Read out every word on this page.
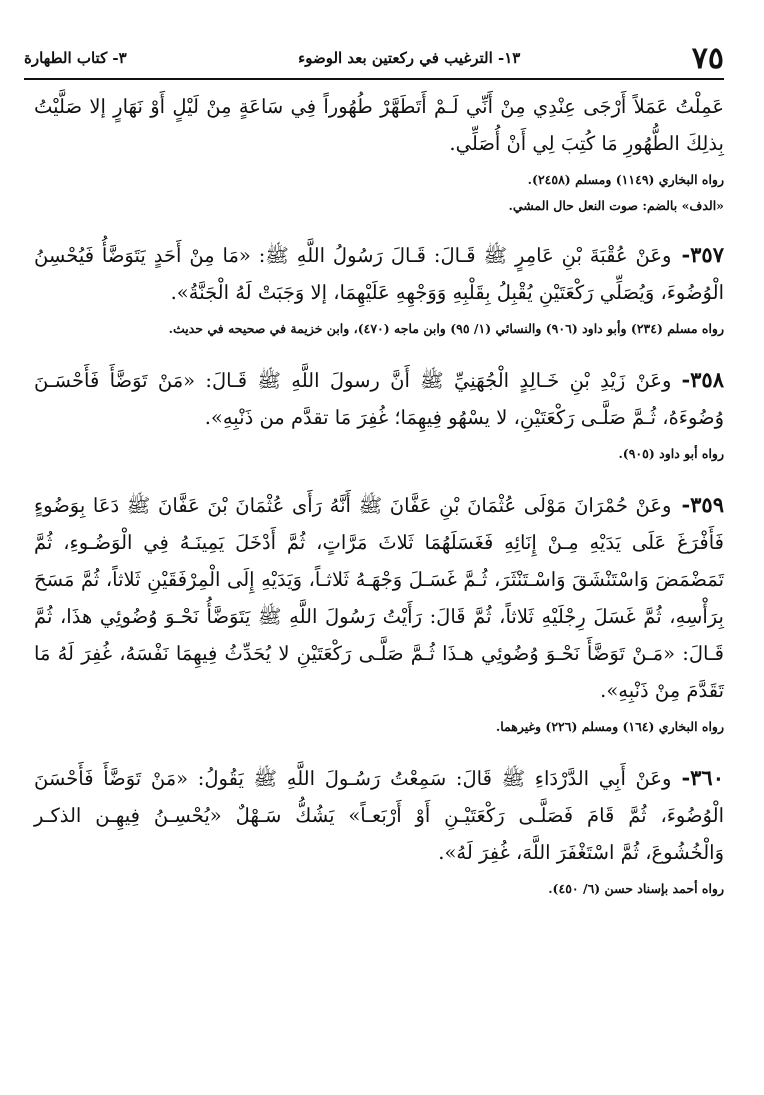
٧٥
١٣- الترغيب في ركعتين بعد الوضوء
٣- كتاب الطهارة

عَمِلْتُ عَمَلاً أَرْجَى عِنْدِي مِنْ أَنِّي لَـمْ أَتَطَهَّرْ طُهُوراً فِي سَاعَةٍ مِنْ لَيْلٍ أَوْ نَهَارٍ إلا صَلَّيْتُ بِذلِكَ الطُّهُورِ مَا كُتِبَ لِي أَنْ أُصَلِّي.

رواه البخاري (١١٤٩) ومسلم (٢٤٥٨).

«الدف» بالضم: صوت النعل حال المشي.

٣٥٧-وعَنْ عُقْبَةَ بْنِ عَامِرٍ ﷺ قَـالَ: قَـالَ رَسُولُ اللَّهِ ﷺ: «مَا مِنْ أَحَدٍ يَتَوَضَّأُ فَيُحْسِنُ الْوُضُوءَ، وَيُصَلِّي رَكْعَتَيْنِ يُقْبِلُ بِقَلْبِهِ وَوَجْهِهِ عَلَيْهِمَا، إلا وَجَبَتْ لَهُ الْجَنَّةُ».

رواه مسلم (٢٣٤) وأبو داود (٩٠٦) والنسائي (١/ ٩٥) وابن ماجه (٤٧٠)، وابن خزيمة في صحيحه في حديث.

٣٥٨-وعَنْ زَيْدِ بْنِ خَـالِدٍ الْجُهَنِيِّ ﷺ أَنَّ رسولَ اللَّهِ ﷺ قَـالَ: «مَنْ تَوَضَّأَ فَأَحْسَـنَ وُضُوءَهُ، ثُـمَّ صَلَّـى رَكْعَتَيْنِ، لا يسْهُو فِيهِمَا؛ غُفِرَ مَا تقدَّم من ذَنْبِهِ».

رواه أبو داود (٩٠٥).

٣٥٩-وعَنْ حُمْرَانَ مَوْلَى عُثْمَانَ بْنِ عَفَّانَ ﷺ أَنَّهُ رَأَى عُثْمَانَ بْنَ عَفَّانَ ﷺ دَعَا بِوَضُوءٍ فَأَفْرَغَ عَلَى يَدَيْهِ مِـنْ إِنَائِهِ فَغَسَلَهُمَا ثَلاثَ مَرَّاتٍ، ثُمَّ أَدْخَلَ يَمِينَـهُ فِي الْوَضُـوءِ، ثُمَّ تَمَضْمَضَ وَاسْتَنْشَقَ وَاسْـتَنْثَرَ، ثُـمَّ غَسَـلَ وَجْهَـهُ ثَلاثـاً، وَيَدَيْهِ إِلَى الْمِرْفَقَيْنِ ثَلاثاً، ثُمَّ مَسَحَ بِرَأْسِهِ، ثُمَّ غَسَلَ رِجْلَيْهِ ثَلاثاً، ثُمَّ قَالَ: رَأَيْتُ رَسُولَ اللَّهِ ﷺ يَتَوَضَّأُ نَحْـوَ وُضُوئِي هذَا، ثُمَّ قَـالَ: «مَـنْ تَوَضَّأَ نَحْـوَ وُضُوئِي هـذَا ثُـمَّ صَلَّـى رَكْعَتَيْنِ لا يُحَدِّثُ فِيهِمَا نَفْسَهُ، غُفِرَ لَهُ مَا تَقَدَّمَ مِنْ ذَنْبِهِ».

رواه البخاري (١٦٤) ومسلم (٢٢٦) وغيرهما.

٣٦٠-وعَنْ أَبِي الدَّرْدَاءِ ﷺ قَالَ: سَمِعْتُ رَسُـولَ اللَّهِ ﷺ يَقُولُ: «مَنْ تَوَضَّأَ فَأَحْسَنَ الْوُضُوءَ، ثُمَّ قَامَ فَصَلَّـى رَكْعَتَيْـنِ أَوْ أَرْبَعـاً» يَشُكُّ سَـهْلٌ «يُحْسِـنُ فِيهِـن الذكـر وَالْخُشُوعَ، ثُمَّ اسْتَغْفَرَ اللَّهَ، غُفِرَ لَهُ».

رواه أحمد بإسناد حسن (٦/ ٤٥٠).
